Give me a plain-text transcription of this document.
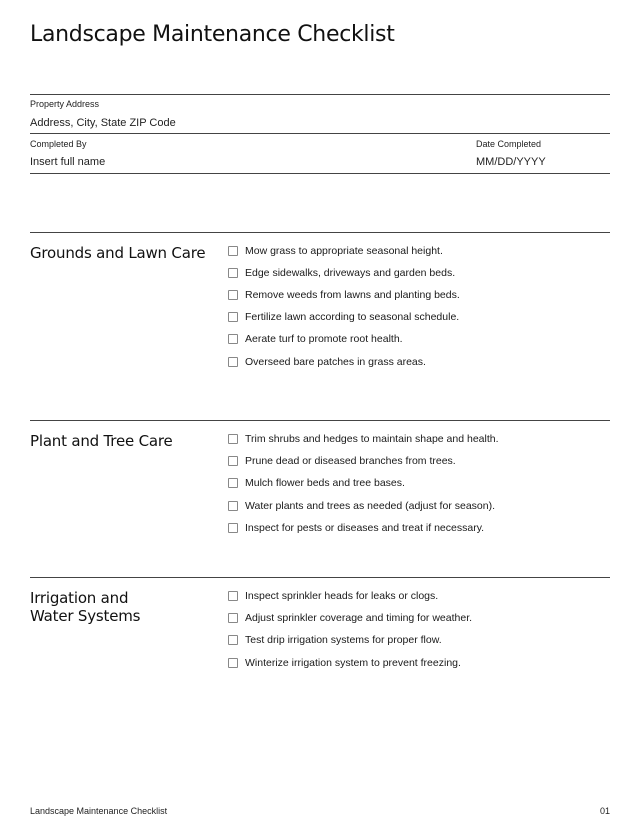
Landscape Maintenance Checklist
Property Address
Address, City, State ZIP Code
Completed By
Insert full name
Date Completed
MM/DD/YYYY
Grounds and Lawn Care	Mow grass to appropriate seasonal height.
Edge sidewalks, driveways and garden beds.
Remove weeds from lawns and planting beds.
Fertilize lawn according to seasonal schedule.
Aerate turf to promote root health.
Overseed bare patches in grass areas.
Plant and Tree Care	Trim shrubs and hedges to maintain shape and health.
Prune dead or diseased branches from trees.
Mulch flower beds and tree bases.
Water plants and trees as needed (adjust for season).
Inspect for pests or diseases and treat if necessary.
Irrigation and
Water Systems
Inspect sprinkler heads for leaks or clogs.
Adjust sprinkler coverage and timing for weather.
Test drip irrigation systems for proper flow.
Winterize irrigation system to prevent freezing.
Landscape Maintenance Checklist	01
